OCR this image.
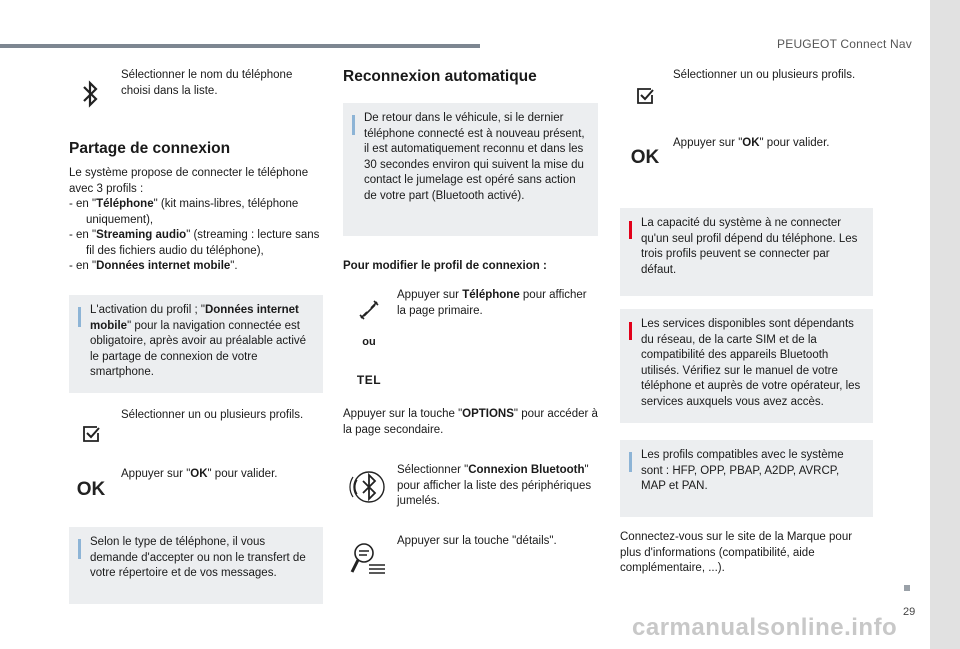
PEUGEOT Connect Nav
Sélectionner le nom du téléphone choisi dans la liste.
Partage de connexion
Le système propose de connecter le téléphone avec 3 profils :
- en "Téléphone" (kit mains-libres, téléphone uniquement),
- en "Streaming audio" (streaming : lecture sans fil des fichiers audio du téléphone),
- en "Données internet mobile".
L'activation du profil ; "Données internet mobile" pour la navigation connectée est obligatoire, après avoir au préalable activé le partage de connexion de votre smartphone.
Sélectionner un ou plusieurs profils.
Appuyer sur "OK" pour valider.
OK
Selon le type de téléphone, il vous demande d'accepter ou non le transfert de votre répertoire et de vos messages.
Reconnexion automatique
De retour dans le véhicule, si le dernier téléphone connecté est à nouveau présent, il est automatiquement reconnu et dans les 30 secondes environ qui suivent la mise du contact le jumelage est opéré sans action de votre part (Bluetooth activé).
Pour modifier le profil de connexion :
Appuyer sur Téléphone pour afficher la page primaire.
ou
TEL
Appuyer sur la touche "OPTIONS" pour accéder à la page secondaire.
Sélectionner "Connexion Bluetooth" pour afficher la liste des périphériques jumelés.
Appuyer sur la touche "détails".
Sélectionner un ou plusieurs profils.
Appuyer sur "OK" pour valider.
OK
La capacité du système à ne connecter qu'un seul profil dépend du téléphone. Les trois profils peuvent se connecter par défaut.
Les services disponibles sont dépendants du réseau, de la carte SIM et de la compatibilité des appareils Bluetooth utilisés. Vérifiez sur le manuel de votre téléphone et auprès de votre opérateur, les services auxquels vous avez accès.
Les profils compatibles avec le système sont : HFP, OPP, PBAP, A2DP, AVRCP, MAP et PAN.
Connectez-vous sur le site de la Marque pour plus d'informations (compatibilité, aide complémentaire, ...).
29
carmanualsonline.info
